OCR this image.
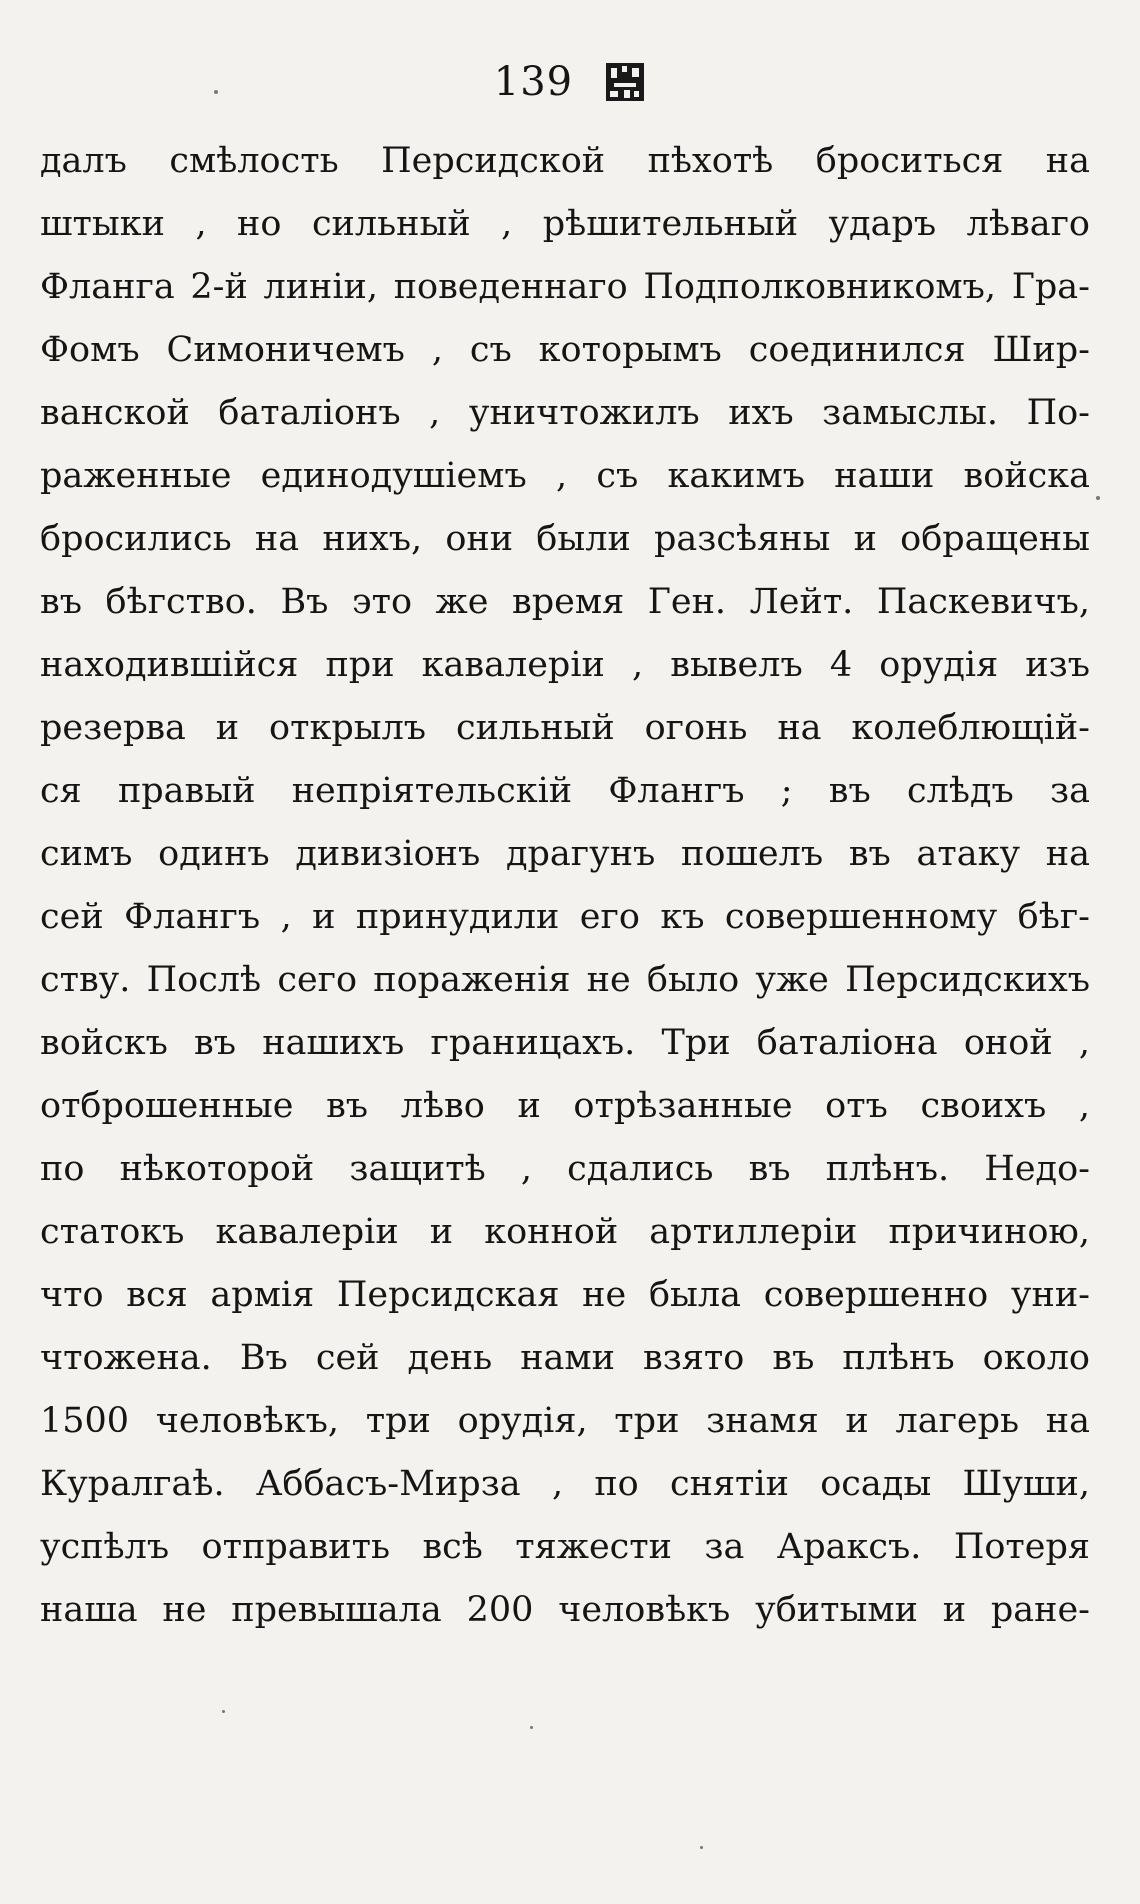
139
далъ смѣлость Персидской пѣхотѣ броситься на
штыки , но сильный , рѣшительный ударъ лѣваго
Фланга 2-й линіи, поведеннаго Подполковникомъ, Гра-
Фомъ Симоничемъ , съ которымъ соединился Шир-
ванской баталіонъ , уничтожилъ ихъ замыслы. По-
раженные единодушіемъ , съ какимъ наши войска
бросились на нихъ, они были разсѣяны и обращены
въ бѣгство. Въ это же время Ген. Лейт. Паскевичъ,
находившійся при кавалеріи , вывелъ 4 орудія изъ
резерва и открылъ сильный огонь на колеблющій-
ся правый непріятельскій Флангъ ; въ слѣдъ за
симъ одинъ дивизіонъ драгунъ пошелъ въ атаку на
сей Флангъ , и принудили его къ совершенному бѣг-
ству. Послѣ сего пораженія не было уже Персидскихъ
войскъ въ нашихъ границахъ. Три баталіона оной ,
отброшенные въ лѣво и отрѣзанные отъ своихъ ,
по нѣкоторой защитѣ , сдались въ плѣнъ. Недо-
статокъ кавалеріи и конной артиллеріи причиною,
что вся армія Персидская не была совершенно уни-
чтожена. Въ сей день нами взято въ плѣнъ около
1500 человѣкъ, три орудія, три знамя и лагерь на
Куралгаѣ. Аббасъ-Мирза , по снятіи осады Шуши,
успѣлъ отправить всѣ тяжести за Араксъ. Потеря
наша не превышала 200 человѣкъ убитыми и ране-
